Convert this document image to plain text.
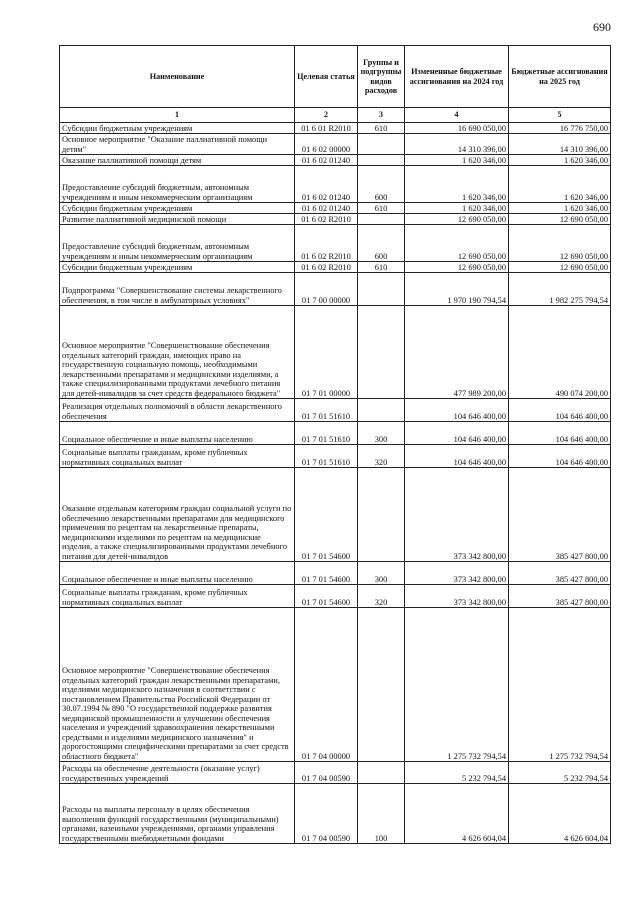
690
Наименование	Целевая статья	Группы и подгруппы видов расходов	Измененные бюджетные ассигнования на 2024 год	Бюджетные ассигнования на 2025 год
1	2	3	4	5
Субсидии бюджетным учреждениям	01 6 01 R2010	610	16 690 050,00	16 776 750,00
Основное мероприятие "Оказание паллиативной помощи детям"	01 6 02 00000		14 310 396,00	14 310 396,00
Оказание паллиативной помощи детям	01 6 02 01240		1 620 346,00	1 620 346,00
Предоставление субсидий бюджетным, автономным учреждениям и иным некоммерческим организациям	01 6 02 01240	600	1 620 346,00	1 620 346,00
Субсидии бюджетным учреждениям	01 6 02 01240	610	1 620 346,00	1 620 346,00
Развитие паллиативной медицинской помощи	01 6 02 R2010		12 690 050,00	12 690 050,00
Предоставление субсидий бюджетным, автономным учреждениям и иным некоммерческим организациям	01 6 02 R2010	600	12 690 050,00	12 690 050,00
Субсидии бюджетным учреждениям	01 6 02 R2010	610	12 690 050,00	12 690 050,00
Подпрограмма "Совершенствование системы лекарственного обеспечения, в том числе в амбулаторных условиях"	01 7 00 00000		1 970 190 794,54	1 982 275 794,54
Основное мероприятие "Совершенствование обеспечения отдельных категорий граждан, имеющих право на государственную социальную помощь, необходимыми лекарственными препаратами и медицинскими изделиями, а также специализированными продуктами лечебного питания для детей-инвалидов за счет средств федерального бюджета"	01 7 01 00000		477 989 200,00	490 074 200,00
Реализация отдельных полномочий в области лекарственного обеспечения	01 7 01 51610		104 646 400,00	104 646 400,00
Социальное обеспечение и иные выплаты населению	01 7 01 51610	300	104 646 400,00	104 646 400,00
Социальные выплаты гражданам, кроме публичных нормативных социальных выплат	01 7 01 51610	320	104 646 400,00	104 646 400,00
Оказание отдельным категориям граждан социальной услуги по обеспечению лекарственными препаратами для медицинского применения по рецептам на лекарственные препараты, медицинскими изделиями по рецептам на медицинские изделия, а также специализированными продуктами лечебного питания для детей-инвалидов	01 7 01 54600		373 342 800,00	385 427 800,00
Социальное обеспечение и иные выплаты населению	01 7 01 54600	300	373 342 800,00	385 427 800,00
Социальные выплаты гражданам, кроме публичных нормативных социальных выплат	01 7 01 54600	320	373 342 800,00	385 427 800,00
Основное мероприятие "Совершенствование обеспечения отдельных категорий граждан лекарственными препаратами, изделиями медицинского назначения в соответствии с постановлением Правительства Российской Федерации от 30.07.1994 № 890 "О государственной поддержке развития медицинской промышленности и улучшении обеспечения населения и учреждений здравоохранения лекарственными средствами и изделиями медицинского назначения" и дорогостоящими специфическими препаратами за счет средств областного бюджета"	01 7 04 00000		1 275 732 794,54	1 275 732 794,54
Расходы на обеспечение деятельности (оказание услуг) государственных учреждений	01 7 04 00590		5 232 794,54	5 232 794,54
Расходы на выплаты персоналу в целях обеспечения выполнения функций государственными (муниципальными) органами, казенными учреждениями, органами управления государственными внебюджетными фондами	01 7 04 00590	100	4 626 604,04	4 626 604,04
